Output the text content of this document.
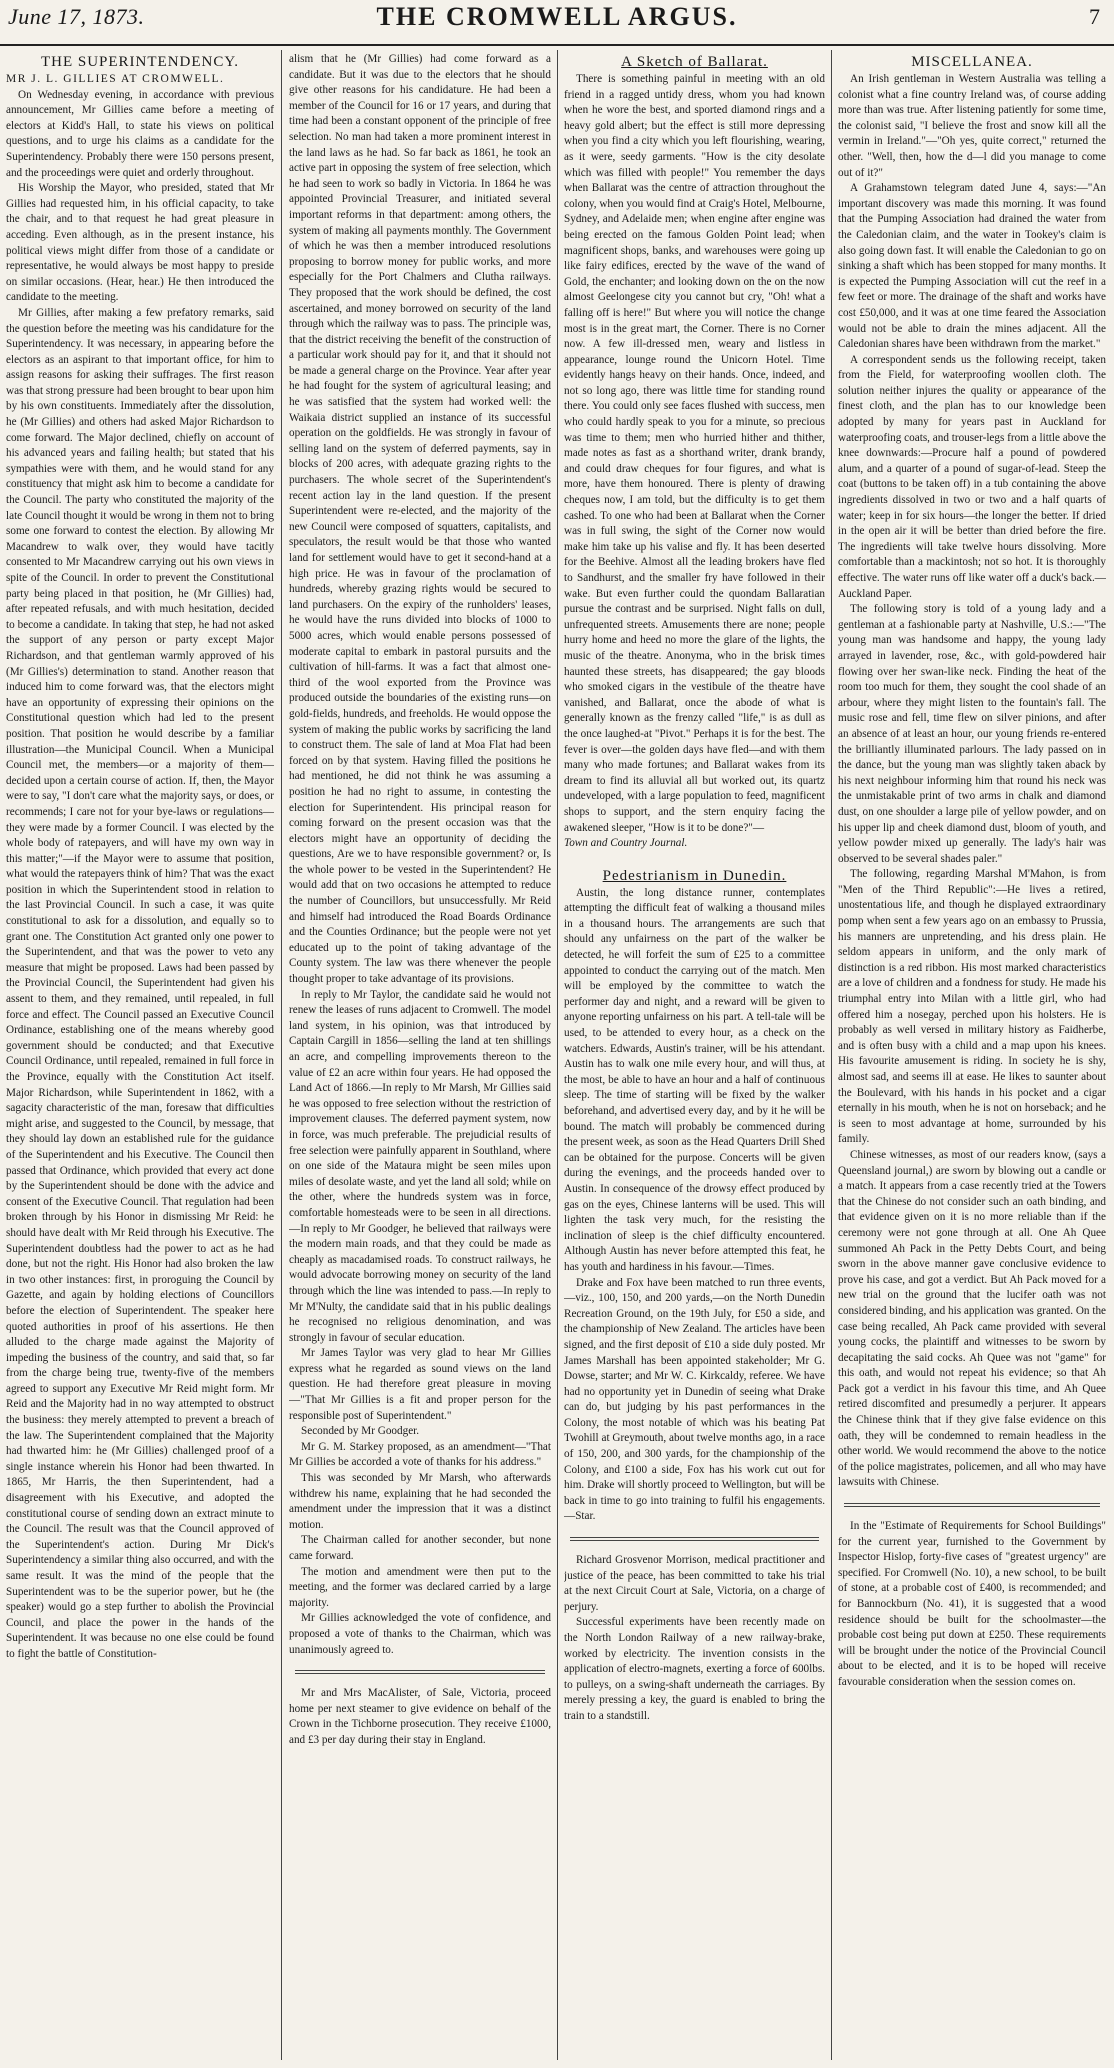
June 17, 1873.	THE CROMWELL ARGUS.	7

THE SUPERINTENDENCY.

MR J. L. GILLIES AT CROMWELL.

On Wednesday evening, in accordance with previous announcement, Mr Gillies came before a meeting of electors at Kidd's Hall, to state his views on political questions, and to urge his claims as a candidate for the Superintendency. Probably there were 150 persons present, and the proceedings were quiet and orderly throughout.

His Worship the Mayor, who presided, stated that Mr Gillies had requested him, in his official capacity, to take the chair, and to that request he had great pleasure in acceding. Even although, as in the present instance, his political views might differ from those of a candidate or representative, he would always be most happy to preside on similar occasions. (Hear, hear.) He then introduced the candidate to the meeting.

Mr Gillies, after making a few prefatory remarks, said the question before the meeting was his candidature for the Superintendency. It was necessary, in appearing before the electors as an aspirant to that important office, for him to assign reasons for asking their suffrages. The first reason was that strong pressure had been brought to bear upon him by his own constituents. Immediately after the dissolution, he (Mr Gillies) and others had asked Major Richardson to come forward. The Major declined, chiefly on account of his advanced years and failing health; but stated that his sympathies were with them, and he would stand for any constituency that might ask him to become a candidate for the Council. The party who constituted the majority of the late Council thought it would be wrong in them not to bring some one forward to contest the election. By allowing Mr Macandrew to walk over, they would have tacitly consented to Mr Macandrew carrying out his own views in spite of the Council. In order to prevent the Constitutional party being placed in that position, he (Mr Gillies) had, after repeated refusals, and with much hesitation, decided to become a candidate. In taking that step, he had not asked the support of any person or party except Major Richardson, and that gentleman warmly approved of his (Mr Gillies's) determination to stand. Another reason that induced him to come forward was, that the electors might have an opportunity of expressing their opinions on the Constitutional question which had led to the present position. That position he would describe by a familiar illustration—the Municipal Council. When a Municipal Council met, the members—or a majority of them—decided upon a certain course of action. If, then, the Mayor were to say, "I don't care what the majority says, or does, or recommends; I care not for your bye-laws or regulations—they were made by a former Council. I was elected by the whole body of ratepayers, and will have my own way in this matter;"—if the Mayor were to assume that position, what would the ratepayers think of him? That was the exact position in which the Superintendent stood in relation to the last Provincial Council. In such a case, it was quite constitutional to ask for a dissolution, and equally so to grant one. The Constitution Act granted only one power to the Superintendent, and that was the power to veto any measure that might be proposed. Laws had been passed by the Provincial Council, the Superintendent had given his assent to them, and they remained, until repealed, in full force and effect. The Council passed an Executive Council Ordinance, establishing one of the means whereby good government should be conducted; and that Executive Council Ordinance, until repealed, remained in full force in the Province, equally with the Constitution Act itself. Major Richardson, while Superintendent in 1862, with a sagacity characteristic of the man, foresaw that difficulties might arise, and suggested to the Council, by message, that they should lay down an established rule for the guidance of the Superintendent and his Executive. The Council then passed that Ordinance, which provided that every act done by the Superintendent should be done with the advice and consent of the Executive Council. That regulation had been broken through by his Honor in dismissing Mr Reid: he should have dealt with Mr Reid through his Executive. The Superintendent doubtless had the power to act as he had done, but not the right. His Honor had also broken the law in two other instances: first, in proroguing the Council by Gazette, and again by holding elections of Councillors before the election of Superintendent. The speaker here quoted authorities in proof of his assertions. He then alluded to the charge made against the Majority of impeding the business of the country, and said that, so far from the charge being true, twenty-five of the members agreed to support any Executive Mr Reid might form. Mr Reid and the Majority had in no way attempted to obstruct the business: they merely attempted to prevent a breach of the law. The Superintendent complained that the Majority had thwarted him: he (Mr Gillies) challenged proof of a single instance wherein his Honor had been thwarted. In 1865, Mr Harris, the then Superintendent, had a disagreement with his Executive, and adopted the constitutional course of sending down an extract minute to the Council. The result was that the Council approved of the Superintendent's action. During Mr Dick's Superintendency a similar thing also occurred, and with the same result. It was the mind of the people that the Superintendent was to be the superior power, but he (the speaker) would go a step further to abolish the Provincial Council, and place the power in the hands of the Superintendent. It was because no one else could be found to fight the battle of Constitution-

alism that he (Mr Gillies) had come forward as a candidate. But it was due to the electors that he should give other reasons for his candidature. He had been a member of the Council for 16 or 17 years, and during that time had been a constant opponent of the principle of free selection. No man had taken a more prominent interest in the land laws as he had. So far back as 1861, he took an active part in opposing the system of free selection, which he had seen to work so badly in Victoria. In 1864 he was appointed Provincial Treasurer, and initiated several important reforms in that department: among others, the system of making all payments monthly. The Government of which he was then a member introduced resolutions proposing to borrow money for public works, and more especially for the Port Chalmers and Clutha railways. They proposed that the work should be defined, the cost ascertained, and money borrowed on security of the land through which the railway was to pass. The principle was, that the district receiving the benefit of the construction of a particular work should pay for it, and that it should not be made a general charge on the Province. Year after year he had fought for the system of agricultural leasing; and he was satisfied that the system had worked well: the Waikaia district supplied an instance of its successful operation on the goldfields. He was strongly in favour of selling land on the system of deferred payments, say in blocks of 200 acres, with adequate grazing rights to the purchasers. The whole secret of the Superintendent's recent action lay in the land question. If the present Superintendent were re-elected, and the majority of the new Council were composed of squatters, capitalists, and speculators, the result would be that those who wanted land for settlement would have to get it second-hand at a high price. He was in favour of the proclamation of hundreds, whereby grazing rights would be secured to land purchasers. On the expiry of the runholders' leases, he would have the runs divided into blocks of 1000 to 5000 acres, which would enable persons possessed of moderate capital to embark in pastoral pursuits and the cultivation of hill-farms. It was a fact that almost one-third of the wool exported from the Province was produced outside the boundaries of the existing runs—on gold-fields, hundreds, and freeholds. He would oppose the system of making the public works by sacrificing the land to construct them. The sale of land at Moa Flat had been forced on by that system. Having filled the positions he had mentioned, he did not think he was assuming a position he had no right to assume, in contesting the election for Superintendent. His principal reason for coming forward on the present occasion was that the electors might have an opportunity of deciding the questions, Are we to have responsible government? or, Is the whole power to be vested in the Superintendent? He would add that on two occasions he attempted to reduce the number of Councillors, but unsuccessfully. Mr Reid and himself had introduced the Road Boards Ordinance and the Counties Ordinance; but the people were not yet educated up to the point of taking advantage of the County system. The law was there whenever the people thought proper to take advantage of its provisions.

In reply to Mr Taylor, the candidate said he would not renew the leases of runs adjacent to Cromwell. The model land system, in his opinion, was that introduced by Captain Cargill in 1856—selling the land at ten shillings an acre, and compelling improvements thereon to the value of £2 an acre within four years. He had opposed the Land Act of 1866.—In reply to Mr Marsh, Mr Gillies said he was opposed to free selection without the restriction of improvement clauses. The deferred payment system, now in force, was much preferable. The prejudicial results of free selection were painfully apparent in Southland, where on one side of the Mataura might be seen miles upon miles of desolate waste, and yet the land all sold; while on the other, where the hundreds system was in force, comfortable homesteads were to be seen in all directions.—In reply to Mr Goodger, he believed that railways were the modern main roads, and that they could be made as cheaply as macadamised roads. To construct railways, he would advocate borrowing money on security of the land through which the line was intended to pass.—In reply to Mr M'Nulty, the candidate said that in his public dealings he recognised no religious denomination, and was strongly in favour of secular education.

Mr James Taylor was very glad to hear Mr Gillies express what he regarded as sound views on the land question. He had therefore great pleasure in moving—"That Mr Gillies is a fit and proper person for the responsible post of Superintendent."

Seconded by Mr Goodger.

Mr G. M. Starkey proposed, as an amendment—"That Mr Gillies be accorded a vote of thanks for his address."

This was seconded by Mr Marsh, who afterwards withdrew his name, explaining that he had seconded the amendment under the impression that it was a distinct motion.

The Chairman called for another seconder, but none came forward.

The motion and amendment were then put to the meeting, and the former was declared carried by a large majority.

Mr Gillies acknowledged the vote of confidence, and proposed a vote of thanks to the Chairman, which was unanimously agreed to.

Mr and Mrs MacAlister, of Sale, Victoria, proceed home per next steamer to give evidence on behalf of the Crown in the Tichborne prosecution. They receive £1000, and £3 per day during their stay in England.

A Sketch of Ballarat.

There is something painful in meeting with an old friend in a ragged untidy dress, whom you had known when he wore the best, and sported diamond rings and a heavy gold albert; but the effect is still more depressing when you find a city which you left flourishing, wearing, as it were, seedy garments. "How is the city desolate which was filled with people!" You remember the days when Ballarat was the centre of attraction throughout the colony, when you would find at Craig's Hotel, Melbourne, Sydney, and Adelaide men; when engine after engine was being erected on the famous Golden Point lead; when magnificent shops, banks, and warehouses were going up like fairy edifices, erected by the wave of the wand of Gold, the enchanter; and looking down on the on the now almost Geelongese city you cannot but cry, "Oh! what a falling off is here!" But where you will notice the change most is in the great mart, the Corner. There is no Corner now. A few ill-dressed men, weary and listless in appearance, lounge round the Unicorn Hotel. Time evidently hangs heavy on their hands. Once, indeed, and not so long ago, there was little time for standing round there. You could only see faces flushed with success, men who could hardly speak to you for a minute, so precious was time to them; men who hurried hither and thither, made notes as fast as a shorthand writer, drank brandy, and could draw cheques for four figures, and what is more, have them honoured. There is plenty of drawing cheques now, I am told, but the difficulty is to get them cashed. To one who had been at Ballarat when the Corner was in full swing, the sight of the Corner now would make him take up his valise and fly. It has been deserted for the Beehive. Almost all the leading brokers have fled to Sandhurst, and the smaller fry have followed in their wake. But even further could the quondam Ballaratian pursue the contrast and be surprised. Night falls on dull, unfrequented streets. Amusements there are none; people hurry home and heed no more the glare of the lights, the music of the theatre. Anonyma, who in the brisk times haunted these streets, has disappeared; the gay bloods who smoked cigars in the vestibule of the theatre have vanished, and Ballarat, once the abode of what is generally known as the frenzy called "life," is as dull as the once laughed-at "Pivot." Perhaps it is for the best. The fever is over—the golden days have fled—and with them many who made fortunes; and Ballarat wakes from its dream to find its alluvial all but worked out, its quartz undeveloped, with a large population to feed, magnificent shops to support, and the stern enquiry facing the awakened sleeper, "How is it to be done?"—

Town and Country Journal.

Pedestrianism in Dunedin.

Austin, the long distance runner, contemplates attempting the difficult feat of walking a thousand miles in a thousand hours. The arrangements are such that should any unfairness on the part of the walker be detected, he will forfeit the sum of £25 to a committee appointed to conduct the carrying out of the match. Men will be employed by the committee to watch the performer day and night, and a reward will be given to anyone reporting unfairness on his part. A tell-tale will be used, to be attended to every hour, as a check on the watchers. Edwards, Austin's trainer, will be his attendant. Austin has to walk one mile every hour, and will thus, at the most, be able to have an hour and a half of continuous sleep. The time of starting will be fixed by the walker beforehand, and advertised every day, and by it he will be bound. The match will probably be commenced during the present week, as soon as the Head Quarters Drill Shed can be obtained for the purpose. Concerts will be given during the evenings, and the proceeds handed over to Austin. In consequence of the drowsy effect produced by gas on the eyes, Chinese lanterns will be used. This will lighten the task very much, for the resisting the inclination of sleep is the chief difficulty encountered. Although Austin has never before attempted this feat, he has youth and hardiness in his favour.—Times.

Drake and Fox have been matched to run three events,—viz., 100, 150, and 200 yards,—on the North Dunedin Recreation Ground, on the 19th July, for £50 a side, and the championship of New Zealand. The articles have been signed, and the first deposit of £10 a side duly posted. Mr James Marshall has been appointed stakeholder; Mr G. Dowse, starter; and Mr W. C. Kirkcaldy, referee. We have had no opportunity yet in Dunedin of seeing what Drake can do, but judging by his past performances in the Colony, the most notable of which was his beating Pat Twohill at Greymouth, about twelve months ago, in a race of 150, 200, and 300 yards, for the championship of the Colony, and £100 a side, Fox has his work cut out for him. Drake will shortly proceed to Wellington, but will be back in time to go into training to fulfil his engagements.—Star.

Richard Grosvenor Morrison, medical practitioner and justice of the peace, has been committed to take his trial at the next Circuit Court at Sale, Victoria, on a charge of perjury.

Successful experiments have been recently made on the North London Railway of a new railway-brake, worked by electricity. The invention consists in the application of electro-magnets, exerting a force of 600lbs. to pulleys, on a swing-shaft underneath the carriages. By merely pressing a key, the guard is enabled to bring the train to a standstill.

MISCELLANEA.

An Irish gentleman in Western Australia was telling a colonist what a fine country Ireland was, of course adding more than was true. After listening patiently for some time, the colonist said, "I believe the frost and snow kill all the vermin in Ireland."—"Oh yes, quite correct," returned the other. "Well, then, how the d—l did you manage to come out of it?"

A Grahamstown telegram dated June 4, says:—"An important discovery was made this morning. It was found that the Pumping Association had drained the water from the Caledonian claim, and the water in Tookey's claim is also going down fast. It will enable the Caledonian to go on sinking a shaft which has been stopped for many months. It is expected the Pumping Association will cut the reef in a few feet or more. The drainage of the shaft and works have cost £50,000, and it was at one time feared the Association would not be able to drain the mines adjacent. All the Caledonian shares have been withdrawn from the market."

A correspondent sends us the following receipt, taken from the Field, for waterproofing woollen cloth. The solution neither injures the quality or appearance of the finest cloth, and the plan has to our knowledge been adopted by many for years past in Auckland for waterproofing coats, and trouser-legs from a little above the knee downwards:—Procure half a pound of powdered alum, and a quarter of a pound of sugar-of-lead. Steep the coat (buttons to be taken off) in a tub containing the above ingredients dissolved in two or two and a half quarts of water; keep in for six hours—the longer the better. If dried in the open air it will be better than dried before the fire. The ingredients will take twelve hours dissolving. More comfortable than a mackintosh; not so hot. It is thoroughly effective. The water runs off like water off a duck's back.—Auckland Paper.

The following story is told of a young lady and a gentleman at a fashionable party at Nashville, U.S.:—"The young man was handsome and happy, the young lady arrayed in lavender, rose, &c., with gold-powdered hair flowing over her swan-like neck. Finding the heat of the room too much for them, they sought the cool shade of an arbour, where they might listen to the fountain's fall. The music rose and fell, time flew on silver pinions, and after an absence of at least an hour, our young friends re-entered the brilliantly illuminated parlours. The lady passed on in the dance, but the young man was slightly taken aback by his next neighbour informing him that round his neck was the unmistakable print of two arms in chalk and diamond dust, on one shoulder a large pile of yellow powder, and on his upper lip and cheek diamond dust, bloom of youth, and yellow powder mixed up generally. The lady's hair was observed to be several shades paler."

The following, regarding Marshal M'Mahon, is from "Men of the Third Republic":—He lives a retired, unostentatious life, and though he displayed extraordinary pomp when sent a few years ago on an embassy to Prussia, his manners are unpretending, and his dress plain. He seldom appears in uniform, and the only mark of distinction is a red ribbon. His most marked characteristics are a love of children and a fondness for study. He made his triumphal entry into Milan with a little girl, who had offered him a nosegay, perched upon his holsters. He is probably as well versed in military history as Faidherbe, and is often busy with a child and a map upon his knees. His favourite amusement is riding. In society he is shy, almost sad, and seems ill at ease. He likes to saunter about the Boulevard, with his hands in his pocket and a cigar eternally in his mouth, when he is not on horseback; and he is seen to most advantage at home, surrounded by his family.

Chinese witnesses, as most of our readers know, (says a Queensland journal,) are sworn by blowing out a candle or a match. It appears from a case recently tried at the Towers that the Chinese do not consider such an oath binding, and that evidence given on it is no more reliable than if the ceremony were not gone through at all. One Ah Quee summoned Ah Pack in the Petty Debts Court, and being sworn in the above manner gave conclusive evidence to prove his case, and got a verdict. But Ah Pack moved for a new trial on the ground that the lucifer oath was not considered binding, and his application was granted. On the case being recalled, Ah Pack came provided with several young cocks, the plaintiff and witnesses to be sworn by decapitating the said cocks. Ah Quee was not "game" for this oath, and would not repeat his evidence; so that Ah Pack got a verdict in his favour this time, and Ah Quee retired discomfited and presumedly a perjurer. It appears the Chinese think that if they give false evidence on this oath, they will be condemned to remain headless in the other world. We would recommend the above to the notice of the police magistrates, policemen, and all who may have lawsuits with Chinese.

In the "Estimate of Requirements for School Buildings" for the current year, furnished to the Government by Inspector Hislop, forty-five cases of "greatest urgency" are specified. For Cromwell (No. 10), a new school, to be built of stone, at a probable cost of £400, is recommended; and for Bannockburn (No. 41), it is suggested that a wood residence should be built for the schoolmaster—the probable cost being put down at £250. These requirements will be brought under the notice of the Provincial Council about to be elected, and it is to be hoped will receive favourable consideration when the session comes on.
